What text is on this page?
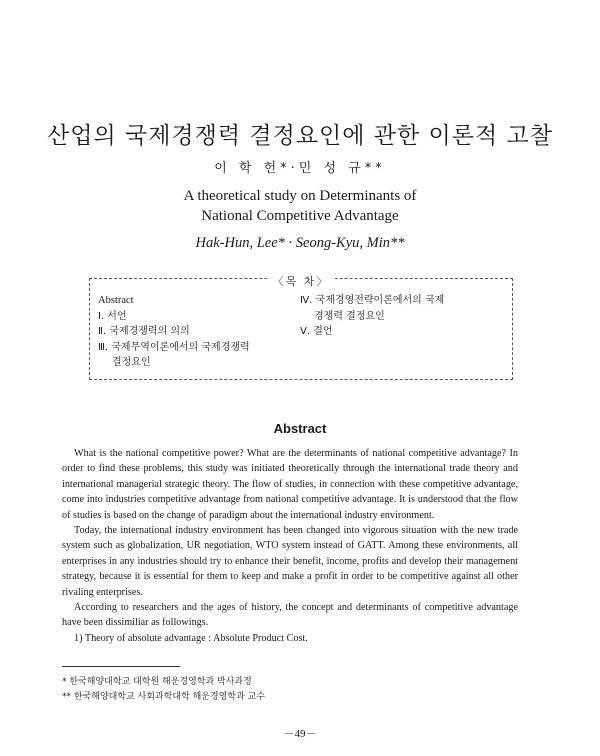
산업의 국제경쟁력 결정요인에 관한 이론적 고찰
이 학 헌*·민 성 규**
A theoretical study on Determinants of
National Competitive Advantage
Hak-Hun, Lee* · Seong-Kyu, Min**
〈목 차〉
Abstract
Ⅰ. 서언
Ⅱ. 국제경쟁력의 의의
Ⅲ. 국제무역이론에서의 국제경쟁력
결정요인
Ⅳ. 국제경영전략이론에서의 국제
경쟁력 결정요인
Ⅴ. 결언
Abstract

What is the national competitive power? What are the determinants of national competitive advantage? In order to find these problems, this study was initiated theoretically through the international trade theory and international managerial strategic theory. The flow of studies, in connection with these competitive advantage, come into industries competitive advantage from national competitive advantage. It is understood that the flow of studies is based on the change of paradigm about the international industry environment.

Today, the international industry environment has been changed into vigorous situation with the new trade system such as globalization, UR negotiation, WTO system instead of GATT. Among these environments, all enterprises in any industries should try to enhance their benefit, income, profits and develop their management strategy, because it is essential for them to keep and make a profit in order to be competitive against all other rivaling enterprises.

According to researchers and the ages of history, the concept and determinants of competitive advantage have been dissimiliar as followings.

1) Theory of absolute advantage : Absolute Product Cost.

* 한국해양대학교 대학원 해운경영학과 박사과정
** 한국해양대학교 사회과학대학 해운경영학과 교수
－49－
